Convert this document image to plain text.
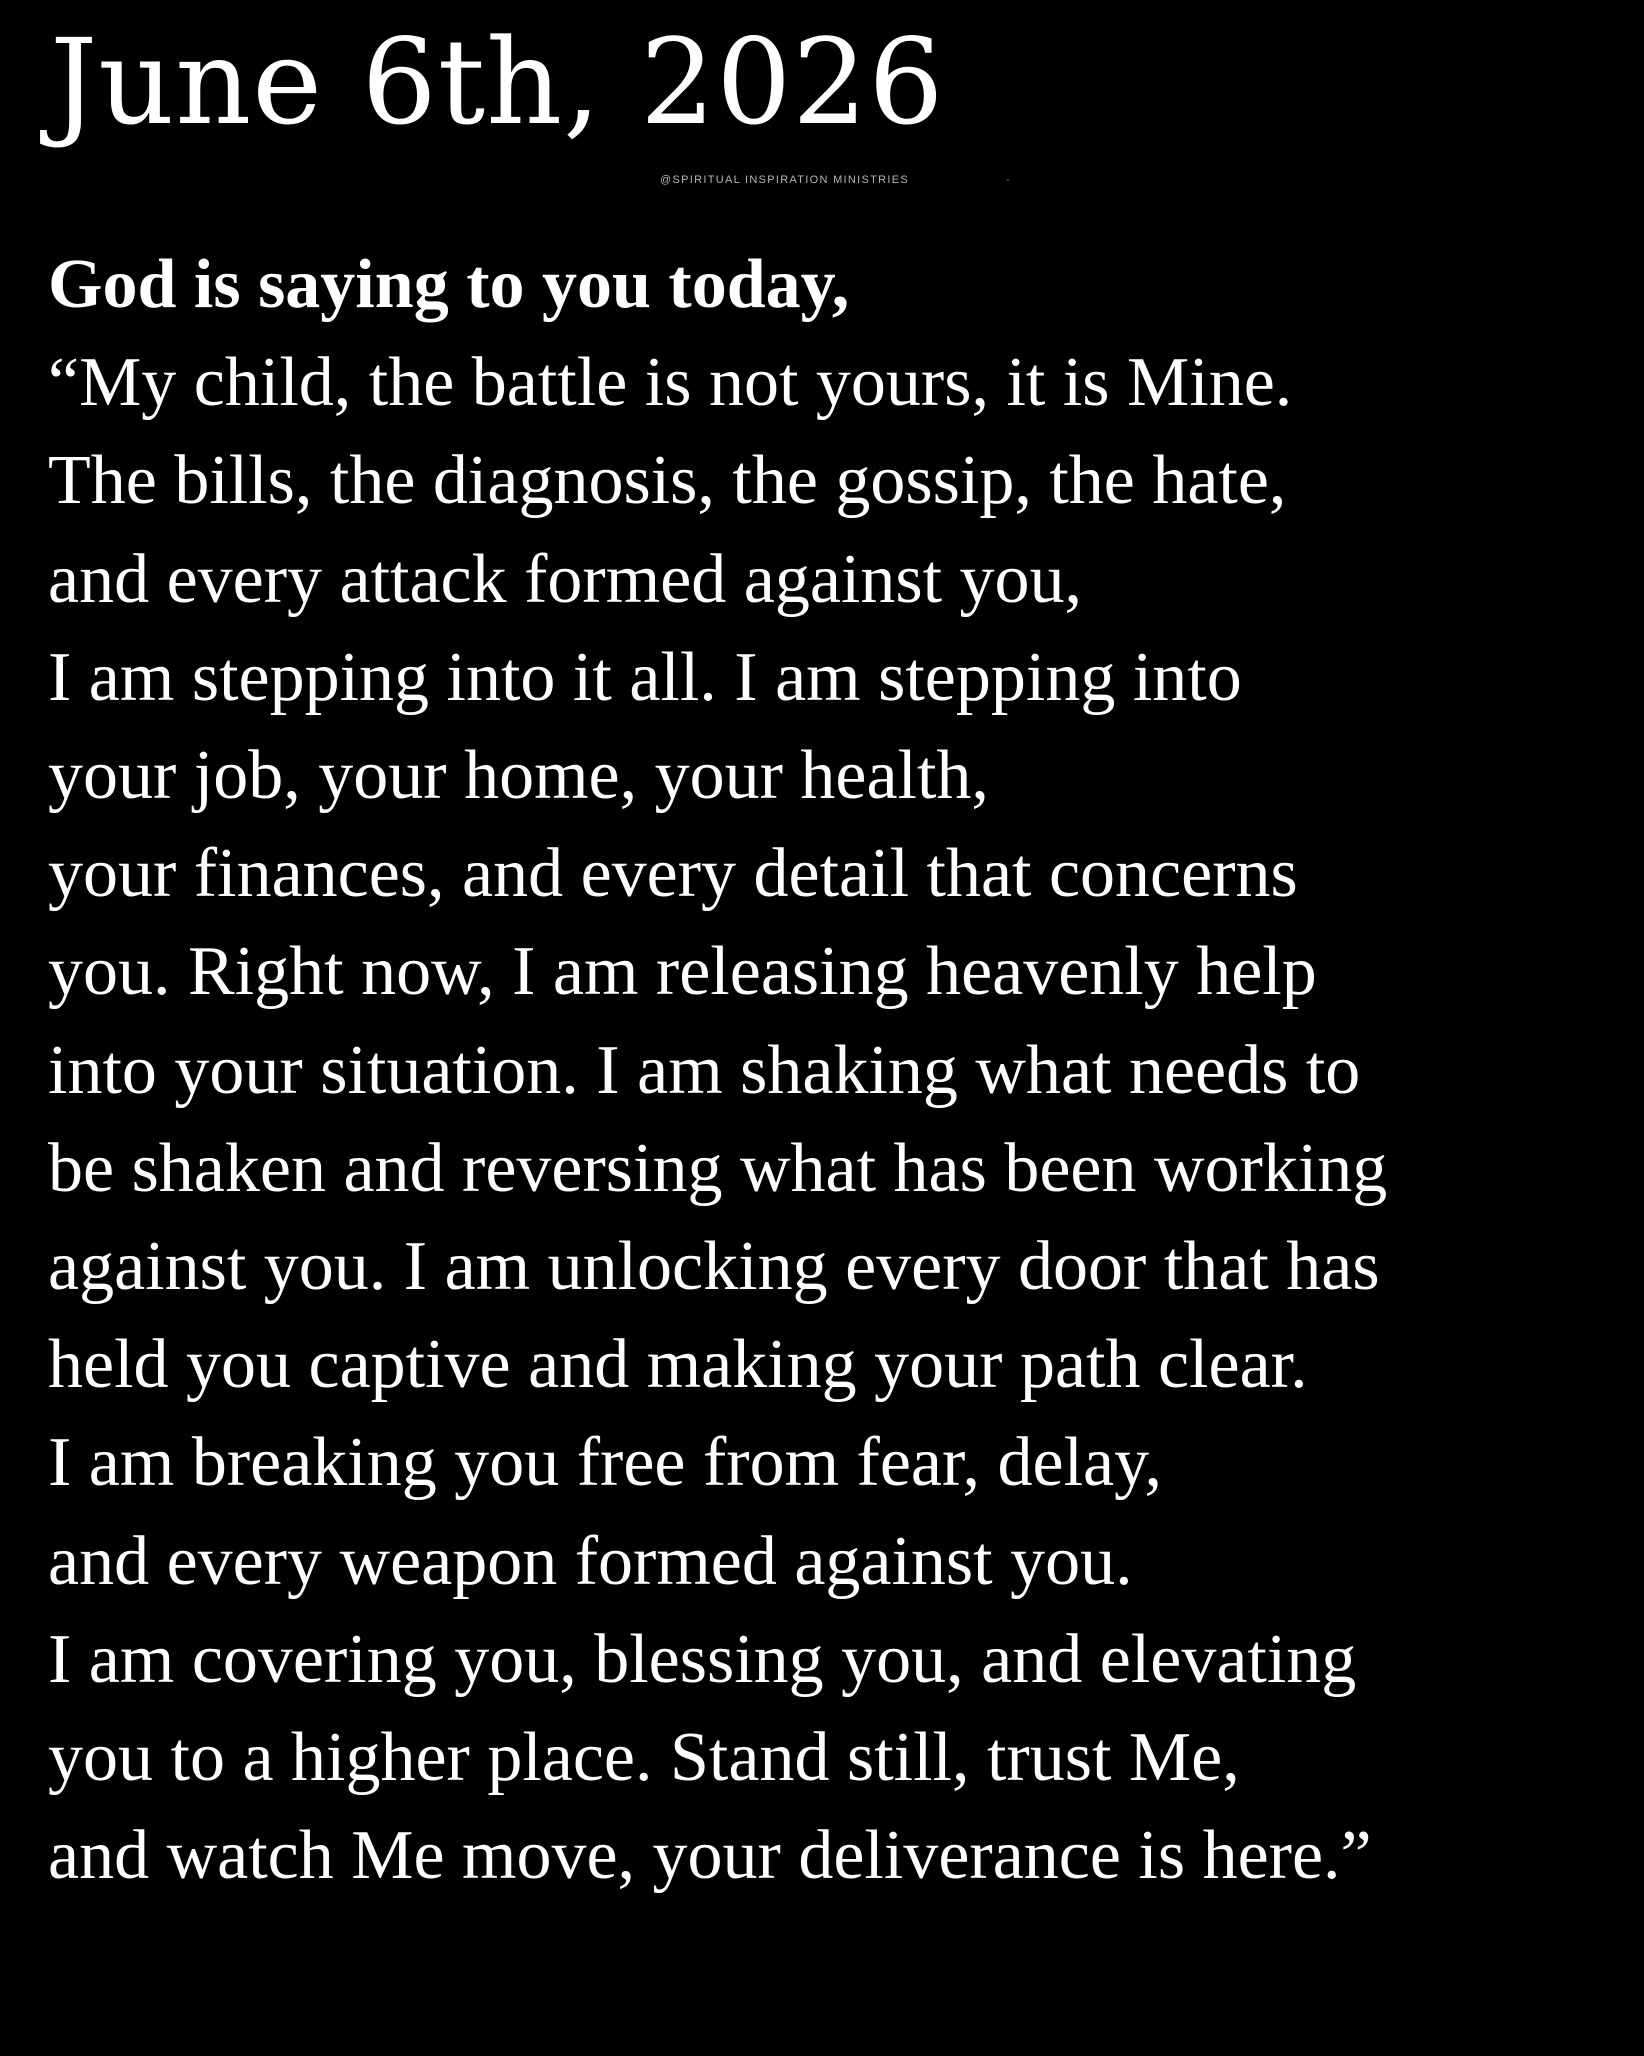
June 6th, 2026
@SPIRITUAL INSPIRATION MINISTRIES	-
God is saying to you today,
“My child, the battle is not yours, it is Mine.
The bills, the diagnosis, the gossip, the hate,
and every attack formed against you,
I am stepping into it all. I am stepping into
your job, your home, your health,
your finances, and every detail that concerns
you. Right now, I am releasing heavenly help
into your situation. I am shaking what needs to
be shaken and reversing what has been working
against you. I am unlocking every door that has
held you captive and making your path clear.
I am breaking you free from fear, delay,
and every weapon formed against you.
I am covering you, blessing you, and elevating
you to a higher place. Stand still, trust Me,
and watch Me move, your deliverance is here.”
